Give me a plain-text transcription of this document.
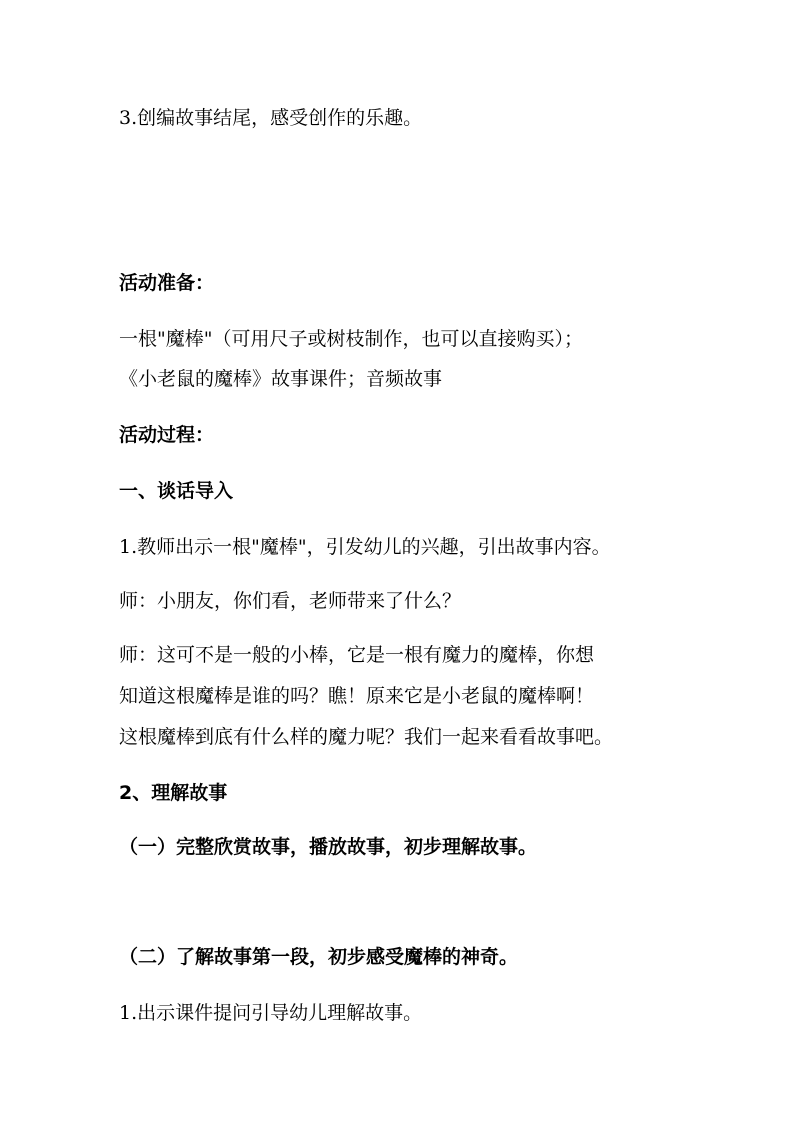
3.创编故事结尾，感受创作的乐趣。
活动准备：
一根"魔棒"（可用尺子或树枝制作，也可以直接购买）；
《小老鼠的魔棒》故事课件；音频故事
活动过程：
一、谈话导入
1.教师出示一根"魔棒"，引发幼儿的兴趣，引出故事内容。
师：小朋友，你们看，老师带来了什么？
师：这可不是一般的小棒，它是一根有魔力的魔棒，你想
知道这根魔棒是谁的吗？瞧！原来它是小老鼠的魔棒啊！
这根魔棒到底有什么样的魔力呢？我们一起来看看故事吧。
2、理解故事
（一）完整欣赏故事，播放故事，初步理解故事。
（二）了解故事第一段，初步感受魔棒的神奇。
1.出示课件提问引导幼儿理解故事。
